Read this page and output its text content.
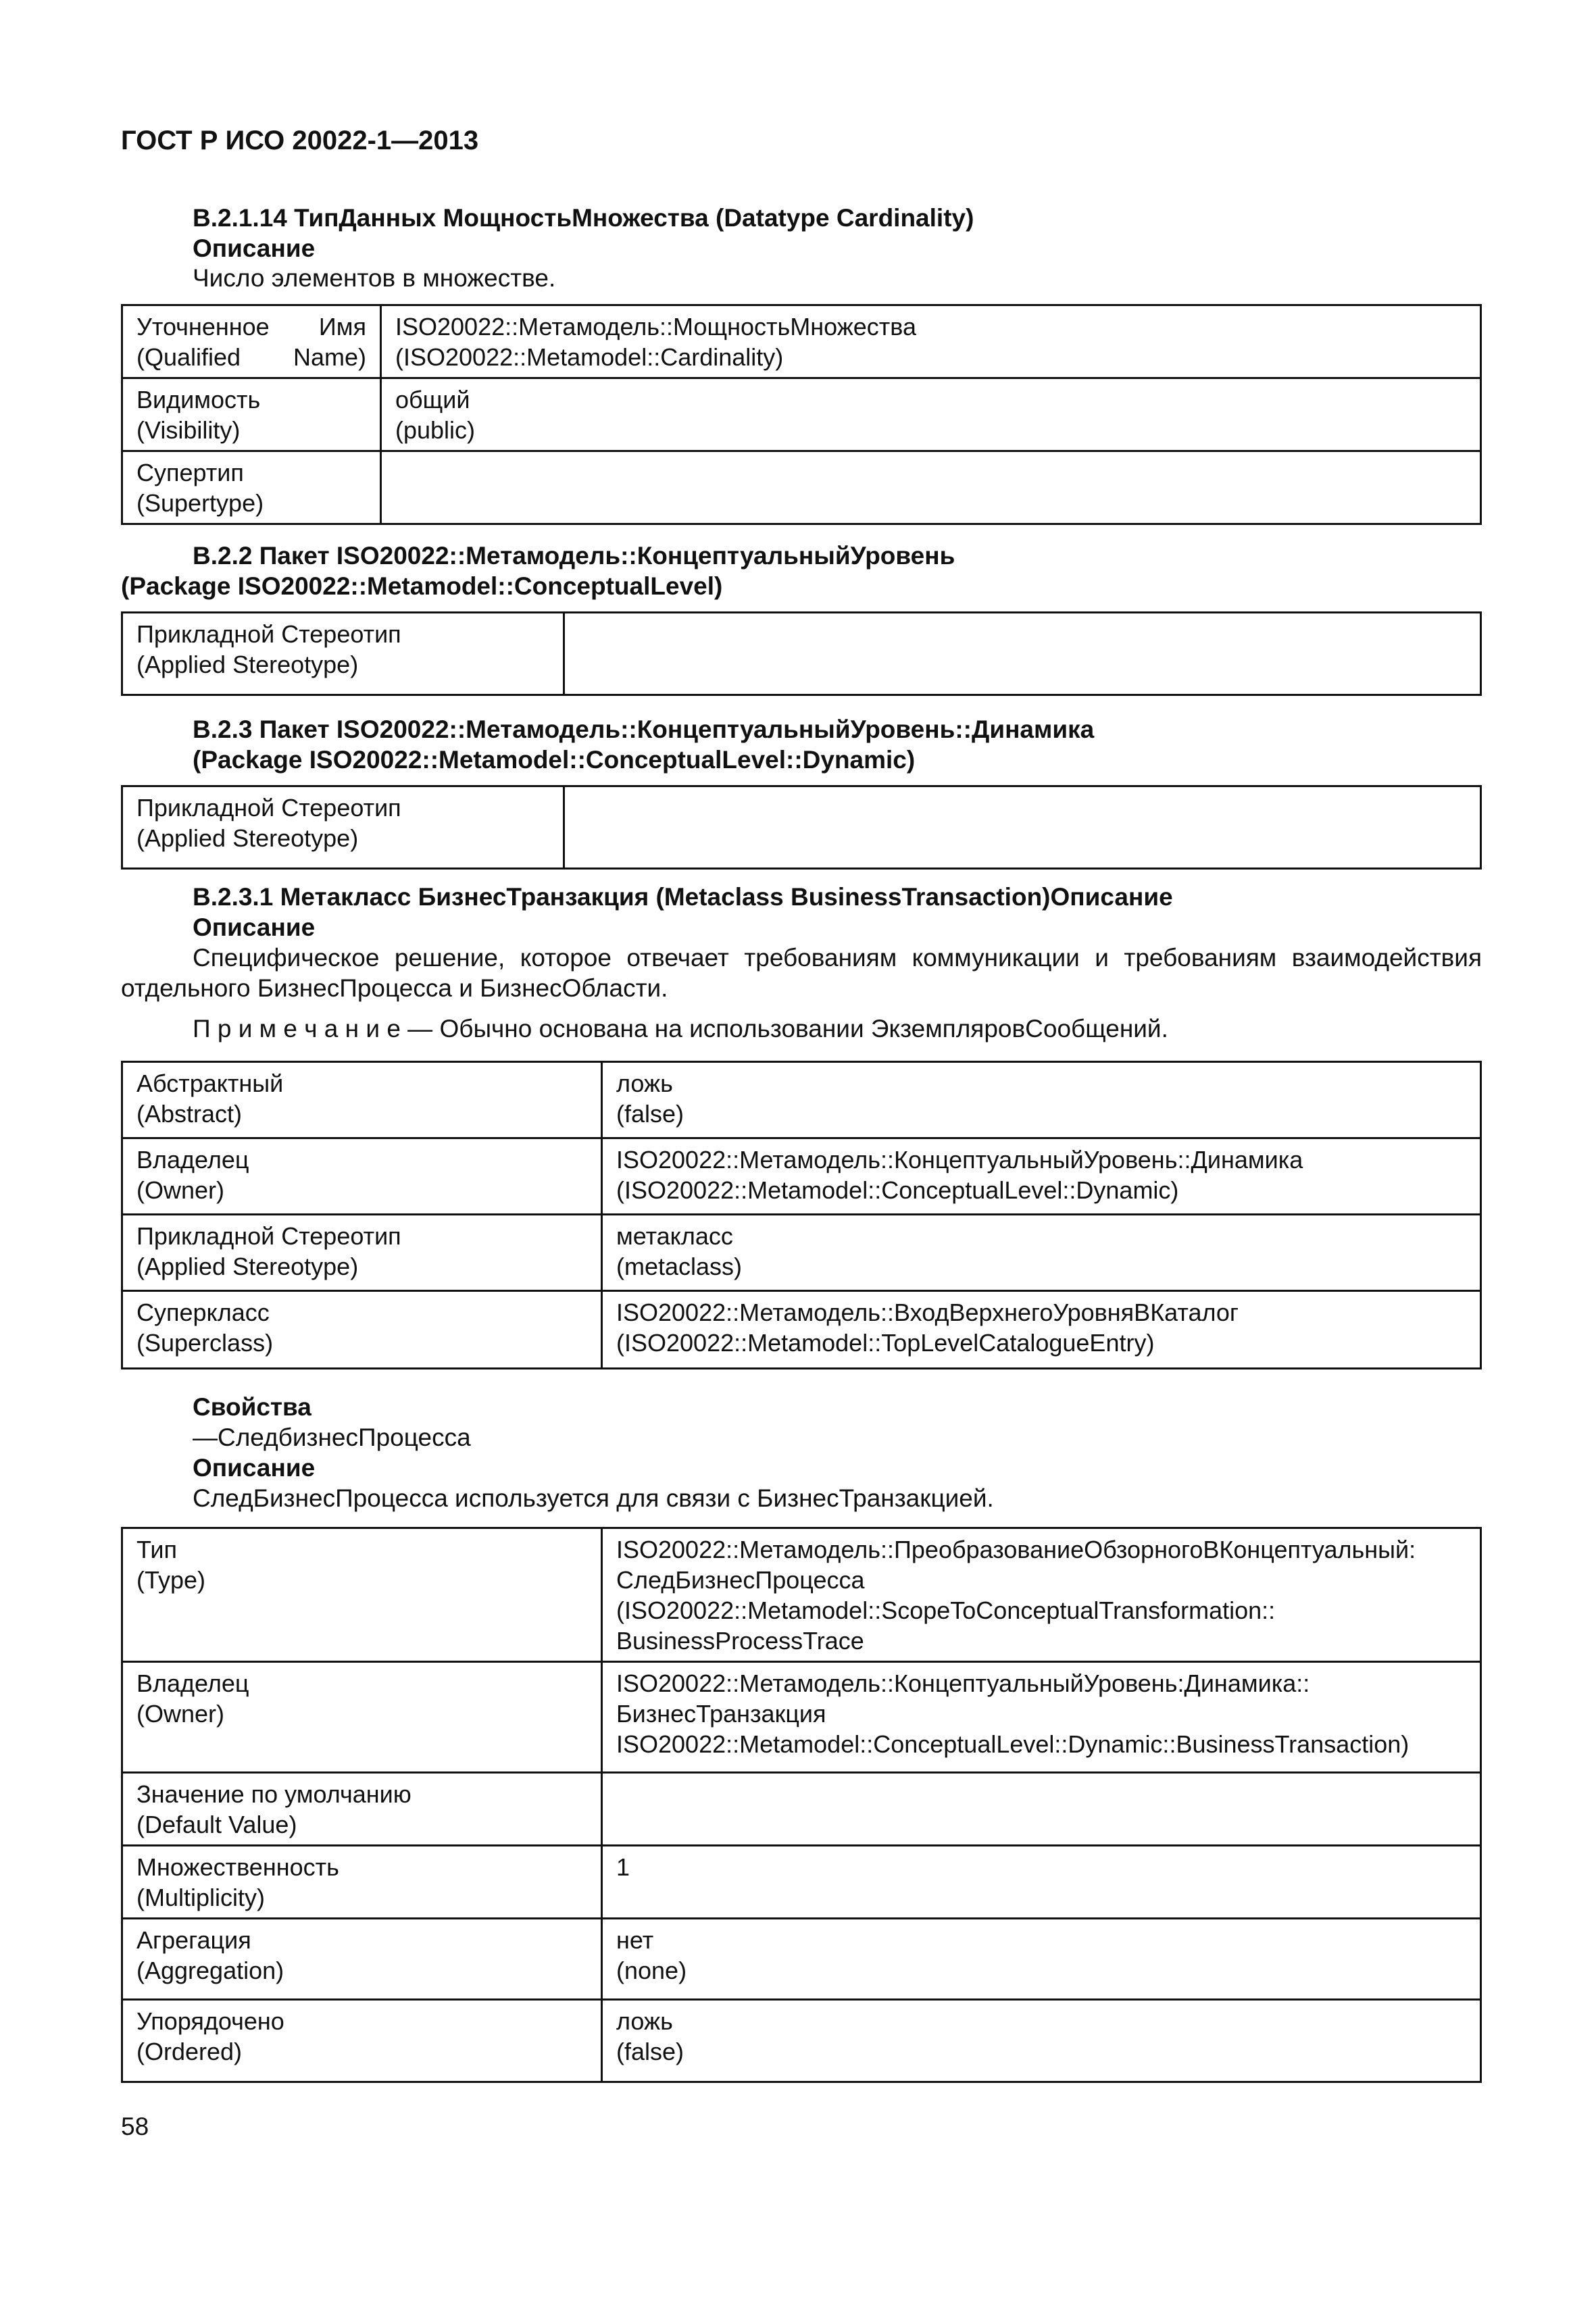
ГОСТ Р ИСО 20022-1—2013
B.2.1.14 ТипДанных МощностьМножества (Datatype Cardinality)
Описание
Число элементов в множестве.
Уточненное Имя
(Qualified Name)	ISO20022::Метамодель::МощностьМножества
(ISO20022::Metamodel::Cardinality)

Видимость
(Visibility)	общий
(public)

Супертип
(Supertype)	

B.2.2 Пакет ISO20022::Метамодель::КонцептуальныйУровень
(Package ISO20022::Metamodel::ConceptualLevel)
Прикладной Стереотип
(Applied Stereotype)

B.2.3 Пакет ISO20022::Метамодель::КонцептуальныйУровень::Динамика
(Package ISO20022::Metamodel::ConceptualLevel::Dynamic)
Прикладной Стереотип
(Applied Stereotype)

B.2.3.1 Метакласс БизнесТранзакция (Metaclass BusinessTransaction)Описание
Описание
Специфическое решение, которое отвечает требованиям коммуникации и требованиям взаимодействия
отдельного БизнесПроцесса и БизнесОбласти.
П р и м е ч а н и е — Обычно основана на использовании ЭкземпляровСообщений.
Абстрактный
(Abstract)	ложь
(false)

Владелец
(Owner)	ISO20022::Метамодель::КонцептуальныйУровень::Динамика
(ISO20022::Metamodel::ConceptualLevel::Dynamic)

Прикладной Стереотип
(Applied Stereotype)	метакласс
(metaclass)

Суперкласс
(Superclass)	ISO20022::Метамодель::ВходВерхнегоУровняВКаталог
(ISO20022::Metamodel::TopLevelCatalogueEntry)
Свойства
—СледбизнесПроцесса
Описание
СледБизнесПроцесса используется для связи с БизнесТранзакцией.
Тип
(Type)	ISO20022::Метамодель::ПреобразованиеОбзорногоВКонцептуальный:
СледБизнесПроцесса
(ISO20022::Metamodel::ScopeToConceptualTransformation::
BusinessProcessTrace

Владелец
(Owner)	ISO20022::Метамодель::КонцептуальныйУровень:Динамика::
БизнесТранзакция
ISO20022::Metamodel::ConceptualLevel::Dynamic::BusinessTransaction)

Значение по умолчанию
(Default Value)	

Множественность
(Multiplicity)	1

Агрегация
(Aggregation)	нет
(none)

Упорядочено
(Ordered)	ложь
(false)
58
